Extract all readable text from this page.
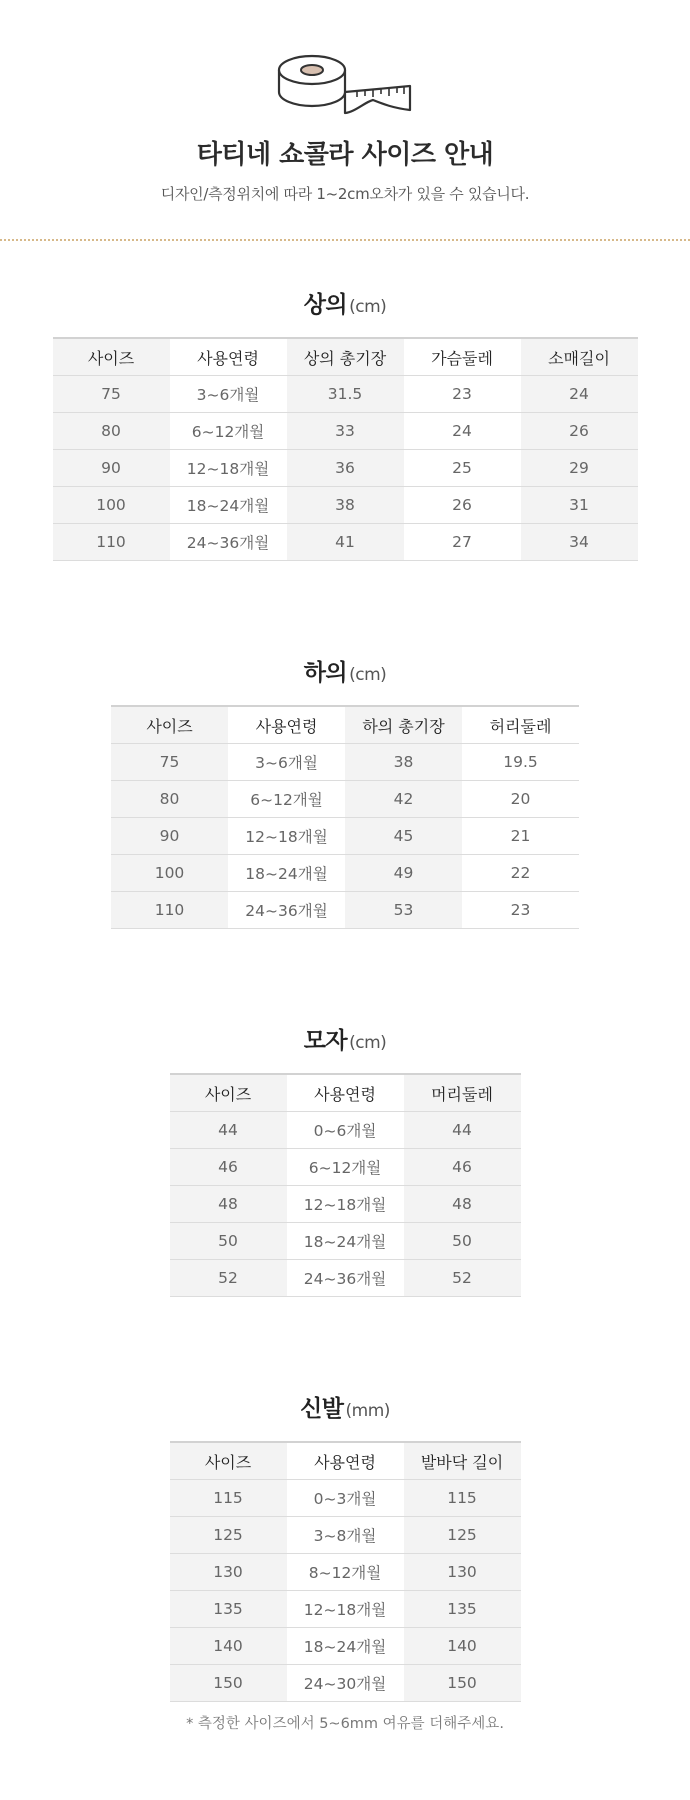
타티네 쇼콜라 사이즈 안내
디자인/측정위치에 따라 1~2cm오차가 있을 수 있습니다.
상의 (cm)
사이즈	사용연령	상의 총기장	가슴둘레	소매길이
75	3~6개월	31.5	23	24
80	6~12개월	33	24	26
90	12~18개월	36	25	29
100	18~24개월	38	26	31
110	24~36개월	41	27	34
하의 (cm)
사이즈	사용연령	하의 총기장	허리둘레
75	3~6개월	38	19.5
80	6~12개월	42	20
90	12~18개월	45	21
100	18~24개월	49	22
110	24~36개월	53	23
모자 (cm)
사이즈	사용연령	머리둘레
44	0~6개월	44
46	6~12개월	46
48	12~18개월	48
50	18~24개월	50
52	24~36개월	52
신발 (mm)
사이즈	사용연령	발바닥 길이
115	0~3개월	115
125	3~8개월	125
130	8~12개월	130
135	12~18개월	135
140	18~24개월	140
150	24~30개월	150
* 측정한 사이즈에서 5~6mm 여유를 더해주세요.
